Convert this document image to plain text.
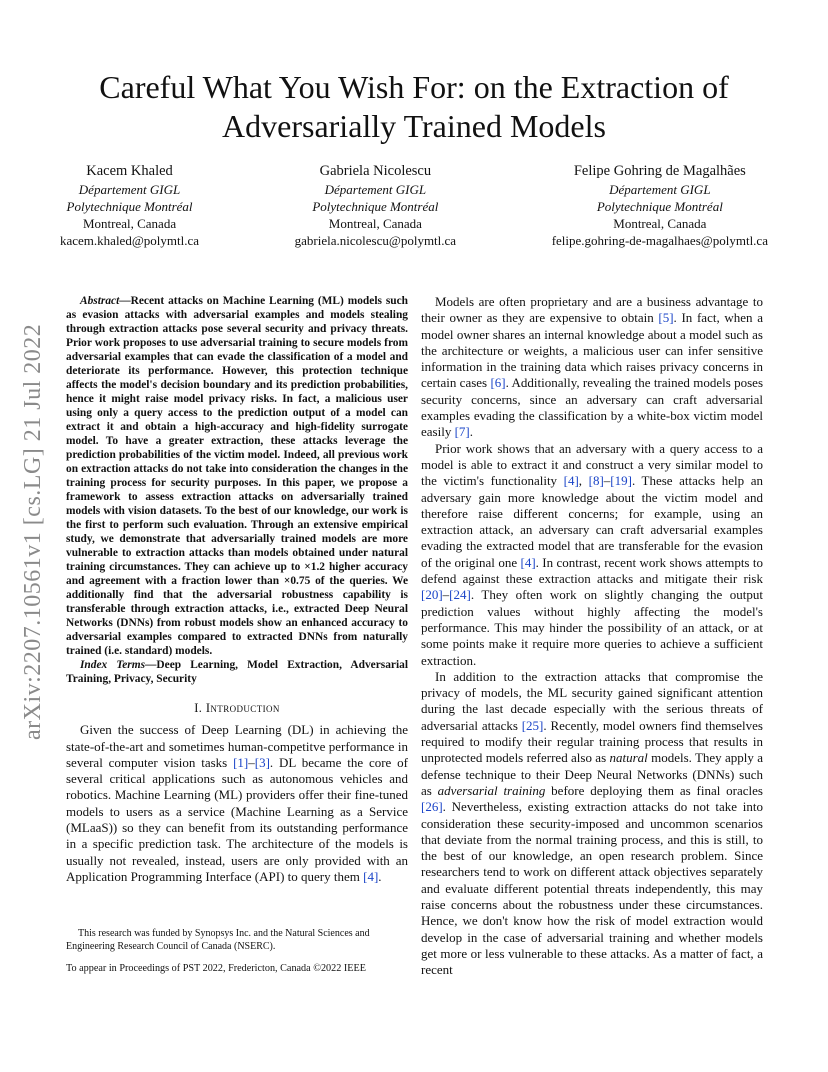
arXiv:2207.10561v1 [cs.LG] 21 Jul 2022
Careful What You Wish For: on the Extraction of Adversarially Trained Models
Kacem Khaled
Département GIGL
Polytechnique Montréal
Montreal, Canada
kacem.khaled@polymtl.ca
Gabriela Nicolescu
Département GIGL
Polytechnique Montréal
Montreal, Canada
gabriela.nicolescu@polymtl.ca
Felipe Gohring de Magalhães
Département GIGL
Polytechnique Montréal
Montreal, Canada
felipe.gohring-de-magalhaes@polymtl.ca

Abstract—Recent attacks on Machine Learning (ML) models such as evasion attacks with adversarial examples and models stealing through extraction attacks pose several security and privacy threats. Prior work proposes to use adversarial training to secure models from adversarial examples that can evade the classification of a model and deteriorate its performance. However, this protection technique affects the model's decision boundary and its prediction probabilities, hence it might raise model privacy risks. In fact, a malicious user using only a query access to the prediction output of a model can extract it and obtain a high-accuracy and high-fidelity surrogate model. To have a greater extraction, these attacks leverage the prediction probabilities of the victim model. Indeed, all previous work on extraction attacks do not take into consideration the changes in the training process for security purposes. In this paper, we propose a framework to assess extraction attacks on adversarially trained models with vision datasets. To the best of our knowledge, our work is the first to perform such evaluation. Through an extensive empirical study, we demonstrate that adversarially trained models are more vulnerable to extraction attacks than models obtained under natural training circumstances. They can achieve up to ×1.2 higher accuracy and agreement with a fraction lower than ×0.75 of the queries. We additionally find that the adversarial robustness capability is transferable through extraction attacks, i.e., extracted Deep Neural Networks (DNNs) from robust models show an enhanced accuracy to adversarial examples compared to extracted DNNs from naturally trained (i.e. standard) models.

Index Terms—Deep Learning, Model Extraction, Adversarial Training, Privacy, Security

I. Introduction

Given the success of Deep Learning (DL) in achieving the state-of-the-art and sometimes human-competitve performance in several computer vision tasks [1]–[3]. DL became the core of several critical applications such as autonomous vehicles and robotics. Machine Learning (ML) providers offer their fine-tuned models to users as a service (Machine Learning as a Service (MLaaS)) so they can benefit from its outstanding performance in a specific prediction task. The architecture of the models is usually not revealed, instead, users are only provided with an Application Programming Interface (API) to query them [4].

This research was funded by Synopsys Inc. and the Natural Sciences and Engineering Research Council of Canada (NSERC).

To appear in Proceedings of PST 2022, Fredericton, Canada ©2022 IEEE

Models are often proprietary and are a business advantage to their owner as they are expensive to obtain [5]. In fact, when a model owner shares an internal knowledge about a model such as the architecture or weights, a malicious user can infer sensitive information in the training data which raises privacy concerns in certain cases [6]. Additionally, revealing the trained models poses security concerns, since an adversary can craft adversarial examples evading the classification by a white-box victim model easily [7].

Prior work shows that an adversary with a query access to a model is able to extract it and construct a very similar model to the victim's functionality [4], [8]–[19]. These attacks help an adversary gain more knowledge about the victim model and therefore raise different concerns; for example, using an extraction attack, an adversary can craft adversarial examples evading the extracted model that are transferable for the evasion of the original one [4]. In contrast, recent work shows attempts to defend against these extraction attacks and mitigate their risk [20]–[24]. They often work on slightly changing the output prediction values without highly affecting the model's performance. This may hinder the possibility of an attack, or at some points make it require more queries to achieve a sufficient extraction.

In addition to the extraction attacks that compromise the privacy of models, the ML security gained significant attention during the last decade especially with the serious threats of adversarial attacks [25]. Recently, model owners find themselves required to modify their regular training process that results in unprotected models referred also as natural models. They apply a defense technique to their Deep Neural Networks (DNNs) such as adversarial training before deploying them as final oracles [26]. Nevertheless, existing extraction attacks do not take into consideration these security-imposed and uncommon scenarios that deviate from the normal training process, and this is still, to the best of our knowledge, an open research problem. Since researchers tend to work on different attack objectives separately and evaluate different potential threats independently, this may raise concerns about the robustness under these circumstances. Hence, we don't know how the risk of model extraction would develop in the case of adversarial training and whether models get more or less vulnerable to these attacks. As a matter of fact, a recent
